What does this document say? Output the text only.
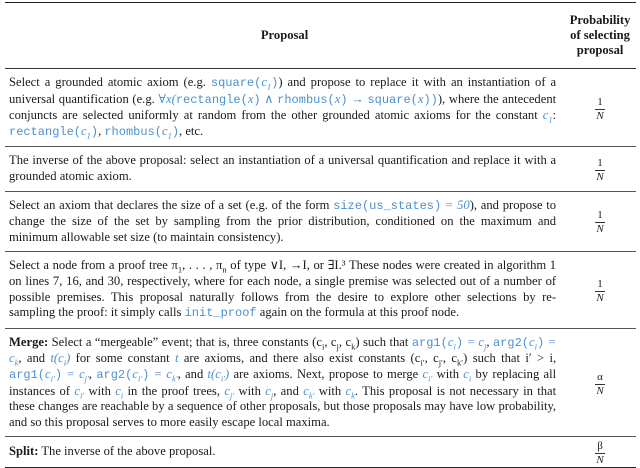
Proposal	Probability of selecting proposal
Select a grounded atomic axiom (e.g. $square(c_1)$) and propose to replace it with an instantiation of a universal quantification (e.g. ∀x(rectangle(x) ∧ rhombus(x) → square(x))), where the antecedent conjuncts are selected uniformly at random from the other grounded atomic axioms for the constant $c_1$: $rectangle(c_1)$, $rhombus(c_1)$, etc.	$\frac{1}{N}$

The inverse of the above proposal: select an instantiation of a universal quantification and replace it with a grounded atomic axiom.	$\frac{1}{N}$

Select an axiom that declares the size of a set (e.g. of the form size(us_states) = 50), and propose to change the size of the set by sampling from the prior distribution, conditioned on the maximum and minimum allowable set size (to maintain consistency).	$\frac{1}{N}$

Select a node from a proof tree $\pi_1$, . . . , $\pi_n$ of type ∨I, →I, or ∃I.³ These nodes were created in algorithm 1 on lines 7, 16, and 30, respectively, where for each node, a single premise was selected out of a number of possible premises. This proposal naturally follows from the desire to explore other selections by re-sampling the proof: it simply calls init_proof again on the formula at this proof node.	$\frac{1}{N}$

Merge: Select a “mergeable” event; that is, three constants ($c_i$, $c_j$, $c_k$) such that $arg1(c_i) = c_j$, $arg2(c_i) = c_k$, and $t(c_i)$ for some constant t are axioms, and there also exist constants ($c_{i'}$, $c_{j'}$, $c_{k'}$) such that i′ > i, $arg1(c_{i'}) = c_{j'}$, $arg2(c_{i'}) = c_{k'}$, and $t(c_{i'})$ are axioms. Next, propose to merge $c_{i'}$ with $c_i$ by replacing all instances of $c_{i'}$ with $c_i$ in the proof trees, $c_{j'}$ with $c_j$, and $c_{k'}$ with $c_k$. This proposal is not necessary in that these changes are reachable by a sequence of other proposals, but those proposals may have low probability, and so this proposal serves to more easily escape local maxima.	$\frac{\alpha}{N}$

Split: The inverse of the above proposal.	$\frac{\beta}{N}$
